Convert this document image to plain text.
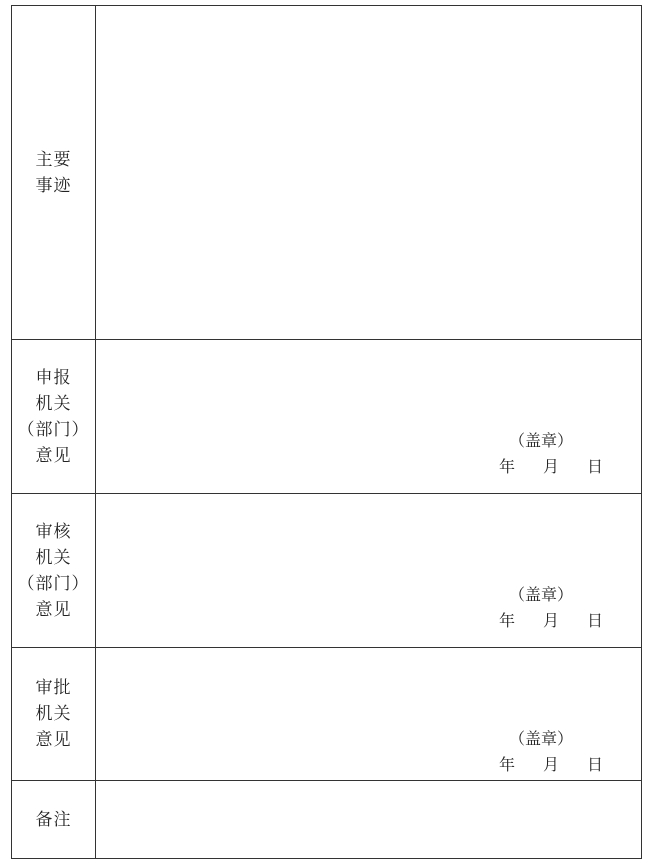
主要
事迹	

申报
机关
（部门）
意见	（盖章）
年 月 日

审核
机关
（部门）
意见	（盖章）
年 月 日

审批
机关
意见	（盖章）
年 月 日

备注	
